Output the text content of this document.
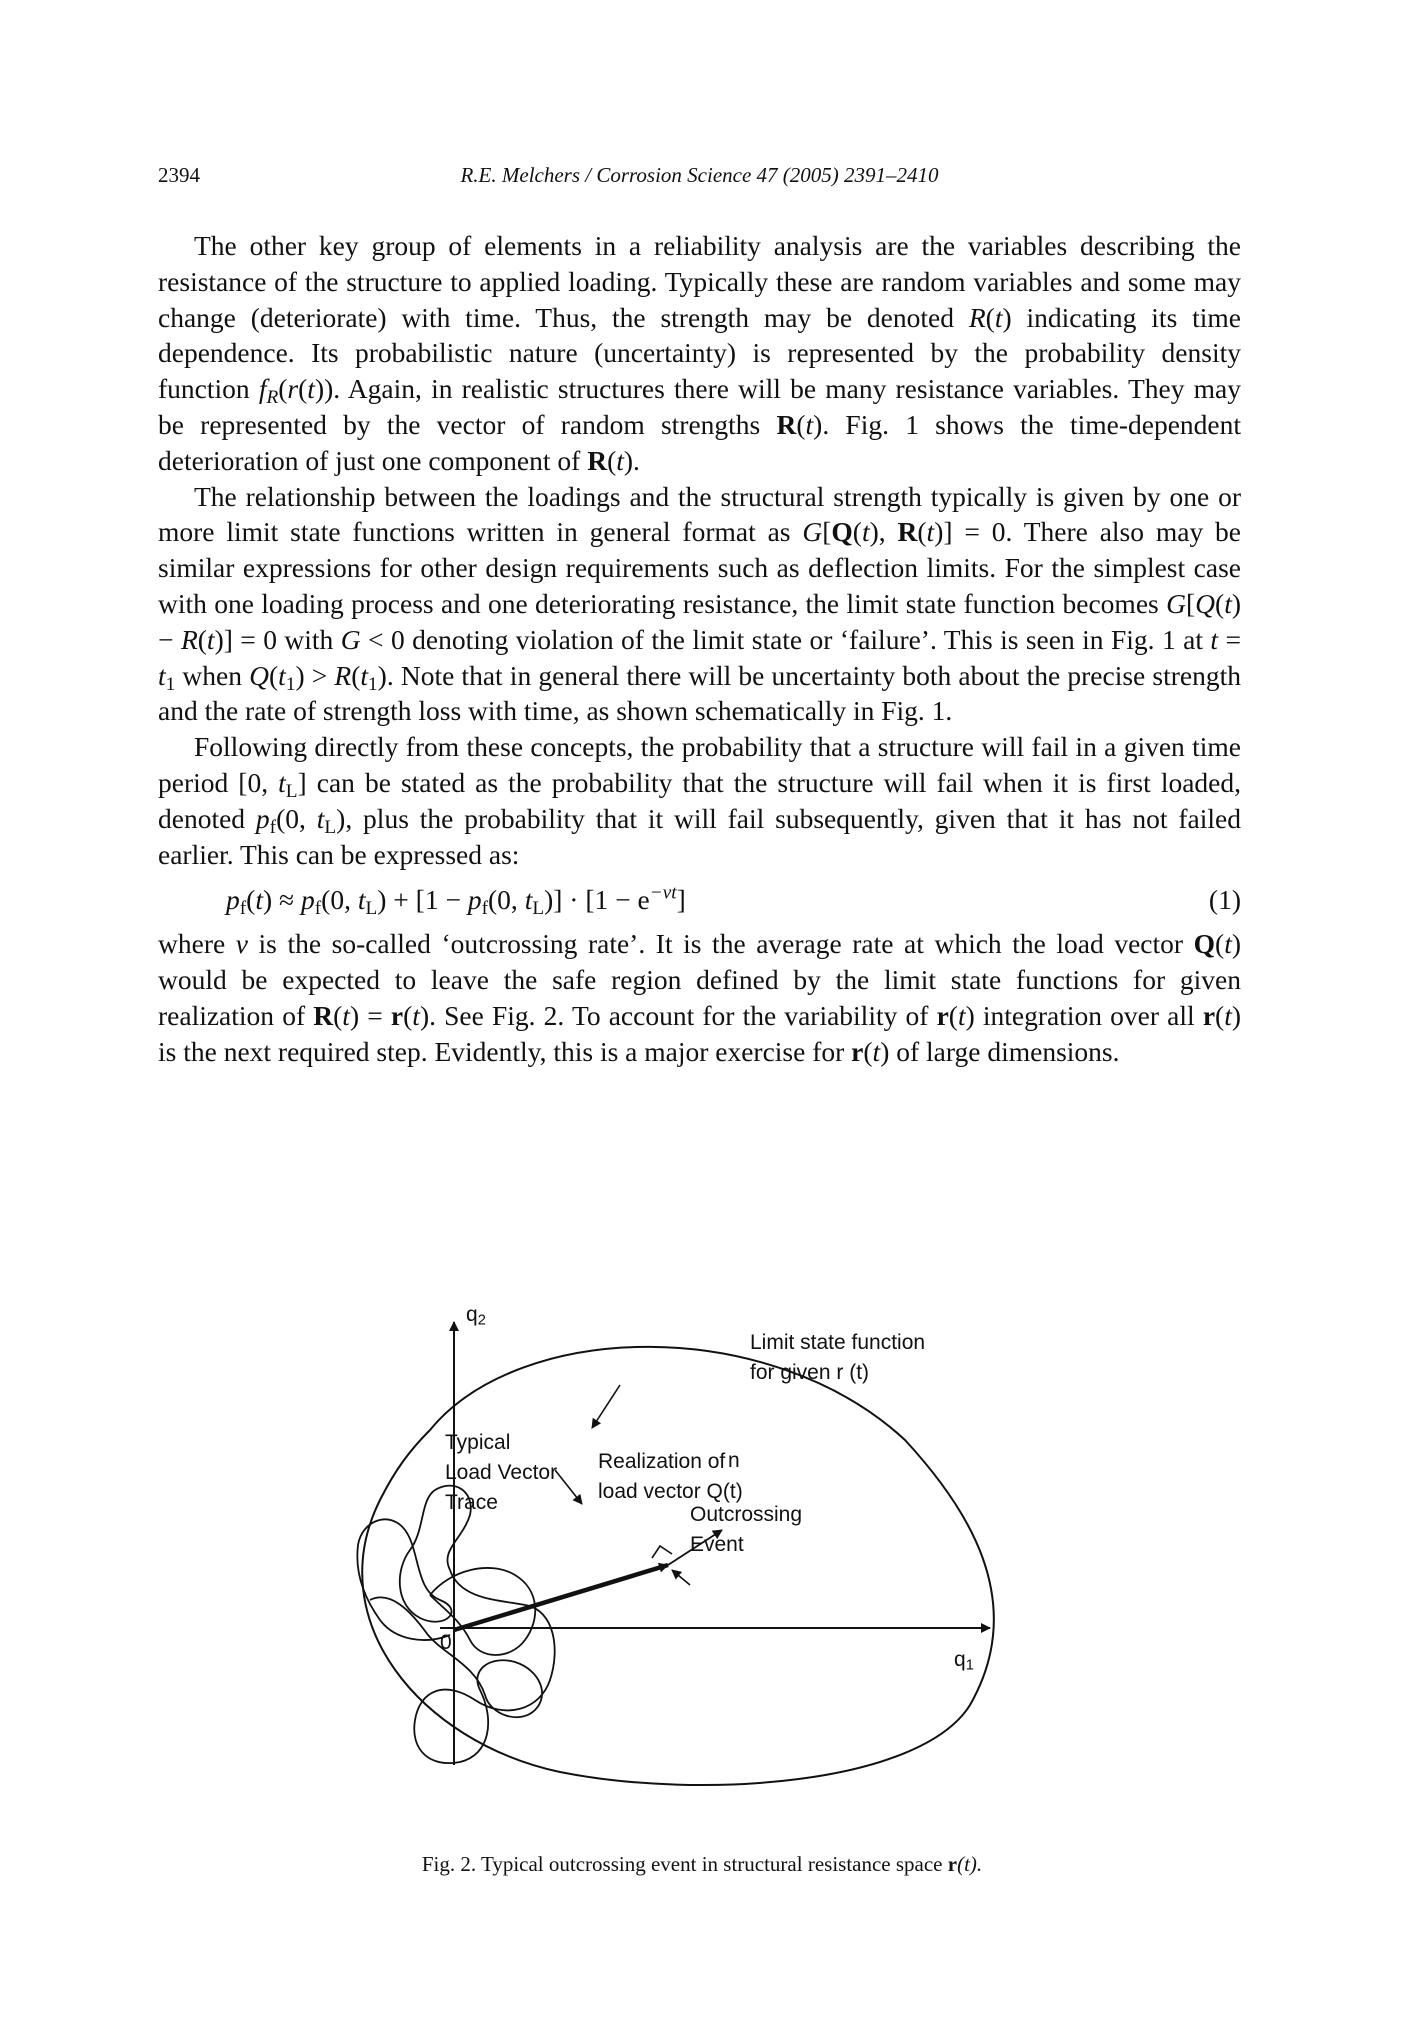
2394	R.E. Melchers / Corrosion Science 47 (2005) 2391–2410

The other key group of elements in a reliability analysis are the variables describing the resistance of the structure to applied loading. Typically these are random variables and some may change (deteriorate) with time. Thus, the strength may be denoted R(t) indicating its time dependence. Its probabilistic nature (uncertainty) is represented by the probability density function $f_R(r(t))$. Again, in realistic structures there will be many resistance variables. They may be represented by the vector of random strengths R(t). Fig. 1 shows the time-dependent deterioration of just one component of R(t).

The relationship between the loadings and the structural strength typically is given by one or more limit state functions written in general format as G[Q(t), R(t)] = 0. There also may be similar expressions for other design requirements such as deflection limits. For the simplest case with one loading process and one deteriorating resistance, the limit state function becomes G[Q(t) − R(t)] = 0 with G < 0 denoting violation of the limit state or ‘failure’. This is seen in Fig. 1 at $t = t_1$ when $Q(t_1) > R(t_1)$. Note that in general there will be uncertainty both about the precise strength and the rate of strength loss with time, as shown schematically in Fig. 1.

Following directly from these concepts, the probability that a structure will fail in a given time period [0, $t_L$] can be stated as the probability that the structure will fail when it is first loaded, denoted $p_f(0$, $t_L$), plus the probability that it will fail subsequently, given that it has not failed earlier. This can be expressed as:

$p_f(t) \approx p_f(0$, $t_L) + [1 - p_f(0$, $t_L)] \cdot [1 - e^{-vt}]$	(1)

where v is the so-called ‘outcrossing rate’. It is the average rate at which the load vector Q(t) would be expected to leave the safe region defined by the limit state functions for given realization of R(t) = r(t). See Fig. 2. To account for the variability of r(t) integration over all r(t) is the next required step. Evidently, this is a major exercise for r(t) of large dimensions.

$q_2$
$q_1$
0
Limit state function
for given r (t)
Typical
Load Vector
Trace
Realization of
load vector Q(t)
n
Outcrossing
Event
Fig. 2. Typical outcrossing event in structural resistance space r(t).
